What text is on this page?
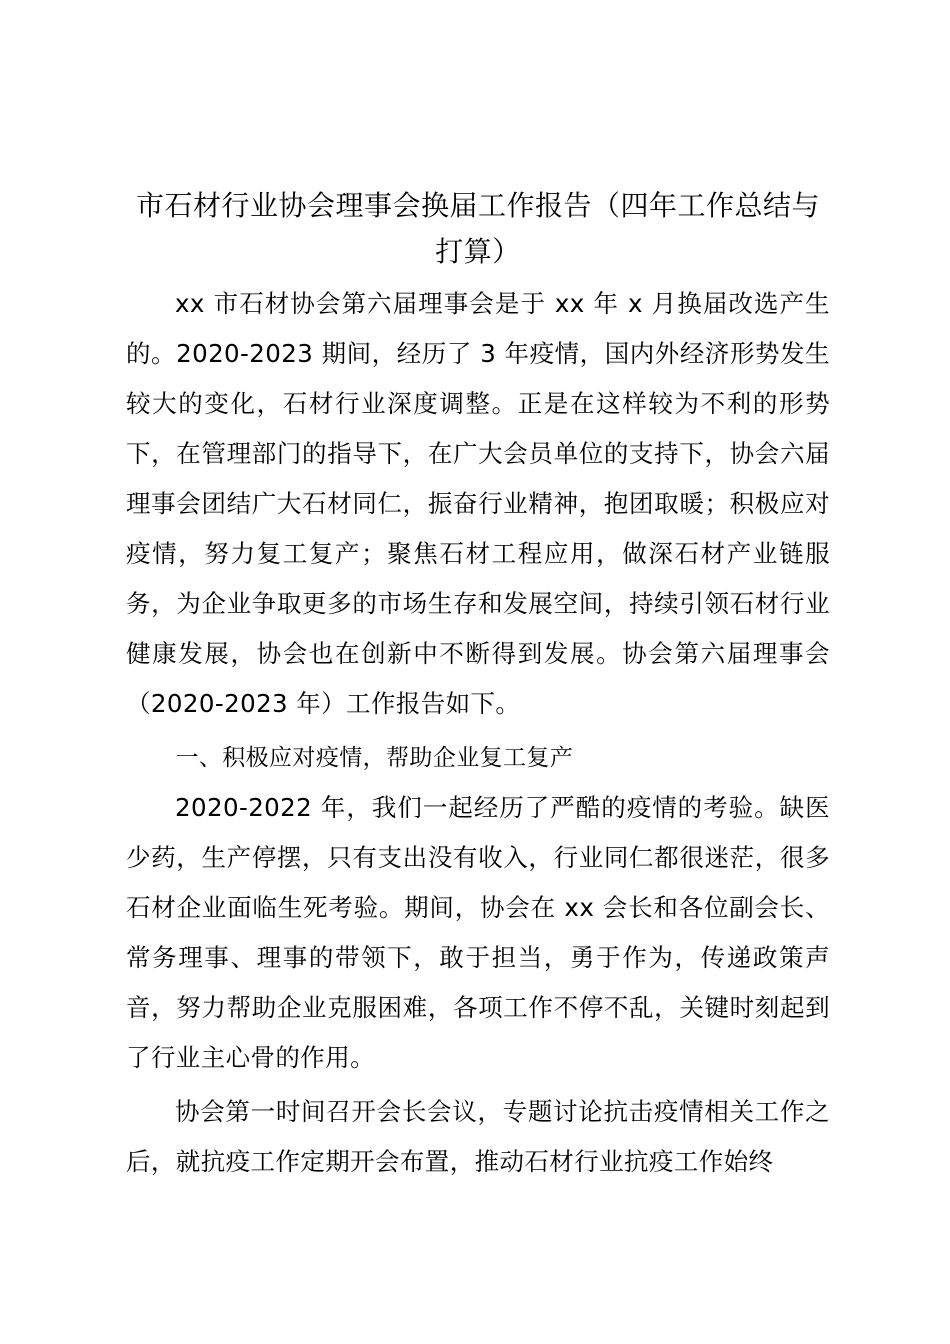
市石材行业协会理事会换届工作报告（四年工作总结与打算）

xx 市石材协会第六届理事会是于 xx 年 x 月换届改选产生的。2020-2023 期间，经历了 3 年疫情，国内外经济形势发生较大的变化，石材行业深度调整。正是在这样较为不利的形势下，在管理部门的指导下，在广大会员单位的支持下，协会六届理事会团结广大石材同仁，振奋行业精神，抱团取暖；积极应对疫情，努力复工复产；聚焦石材工程应用，做深石材产业链服务，为企业争取更多的市场生存和发展空间，持续引领石材行业健康发展，协会也在创新中不断得到发展。协会第六届理事会（2020-2023 年）工作报告如下。

一、积极应对疫情，帮助企业复工复产

2020-2022 年，我们一起经历了严酷的疫情的考验。缺医少药，生产停摆，只有支出没有收入，行业同仁都很迷茫，很多石材企业面临生死考验。期间，协会在 xx 会长和各位副会长、常务理事、理事的带领下，敢于担当，勇于作为，传递政策声音，努力帮助企业克服困难，各项工作不停不乱，关键时刻起到了行业主心骨的作用。

协会第一时间召开会长会议，专题讨论抗击疫情相关工作之后，就抗疫工作定期开会布置，推动石材行业抗疫工作始终
